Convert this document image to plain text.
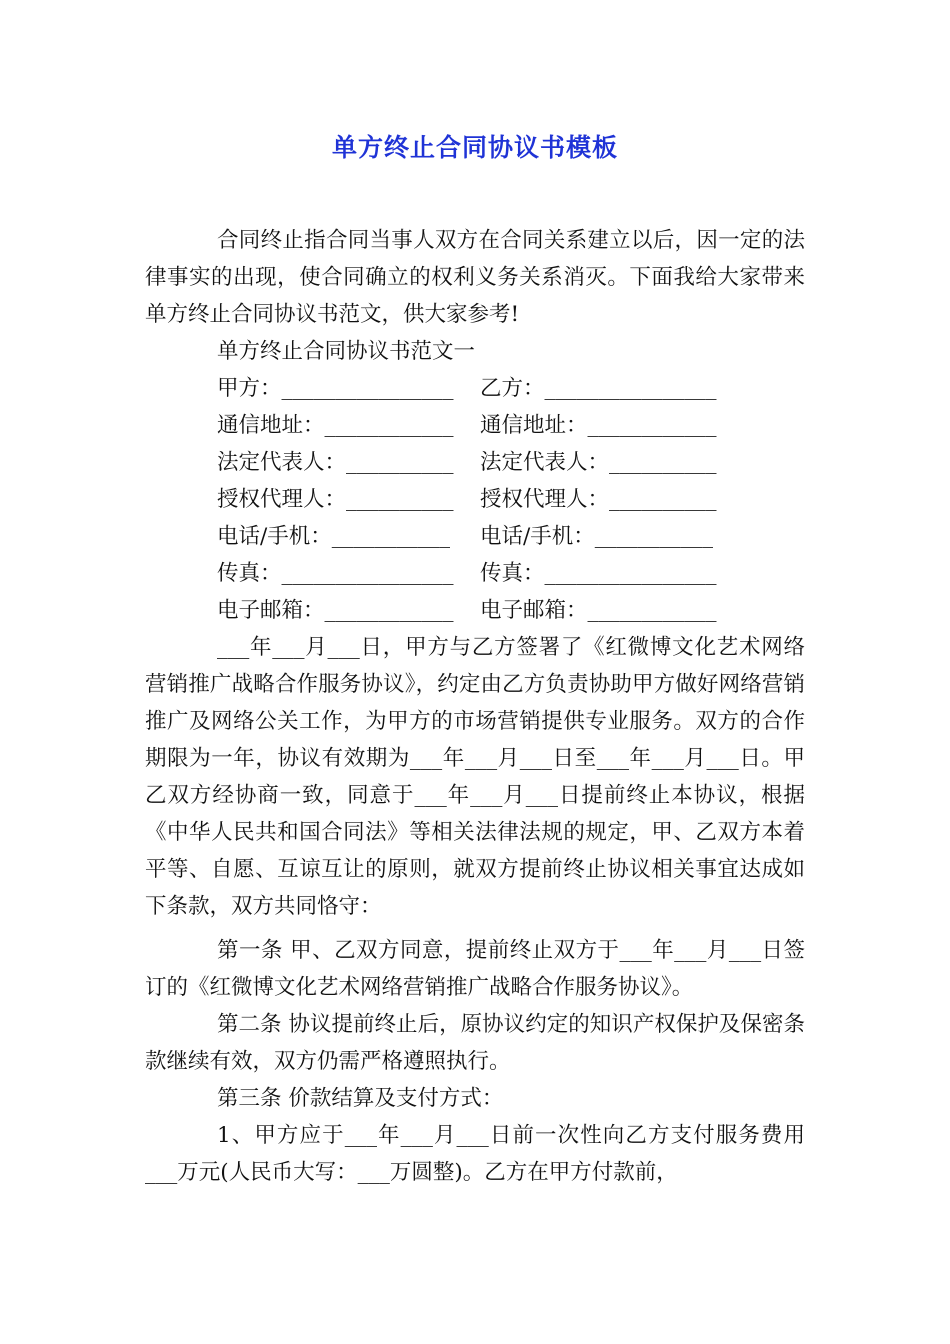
单方终止合同协议书模板

合同终止指合同当事人双方在合同关系建立以后，因一定的法律事实的出现，使合同确立的权利义务关系消灭。下面我给大家带来单方终止合同协议书范文，供大家参考!

单方终止合同协议书范文一

甲方：________________ 乙方：________________
通信地址：____________ 通信地址：____________
法定代表人：__________ 法定代表人：__________
授权代理人：__________ 授权代理人：__________
电话/手机：___________ 电话/手机：___________
传真：________________ 传真：________________
电子邮箱：____________ 电子邮箱：____________

___年___月___日，甲方与乙方签署了《红微博文化艺术网络营销推广战略合作服务协议》，约定由乙方负责协助甲方做好网络营销推广及网络公关工作，为甲方的市场营销提供专业服务。双方的合作期限为一年，协议有效期为___年___月___日至___年___月___日。甲乙双方经协商一致，同意于___年___月___日提前终止本协议，根据《中华人民共和国合同法》等相关法律法规的规定，甲、乙双方本着平等、自愿、互谅互让的原则，就双方提前终止协议相关事宜达成如下条款，双方共同恪守：

第一条 甲、乙双方同意，提前终止双方于___年___月___日签订的《红微博文化艺术网络营销推广战略合作服务协议》。

第二条 协议提前终止后，原协议约定的知识产权保护及保密条款继续有效，双方仍需严格遵照执行。

第三条 价款结算及支付方式：

1、甲方应于___年___月___日前一次性向乙方支付服务费用___万元(人民币大写：___万圆整)。乙方在甲方付款前，
